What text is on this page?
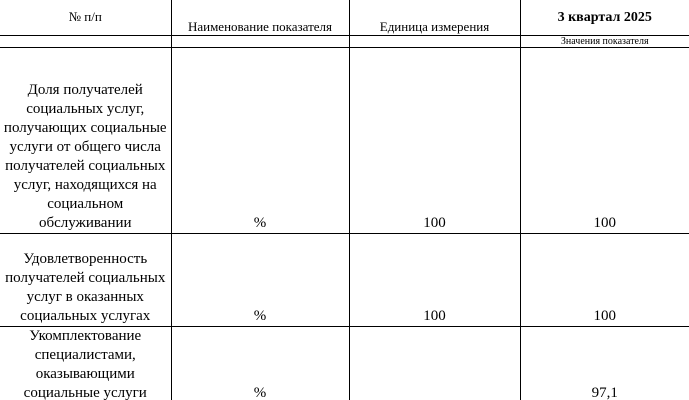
№ п/п	Наименование показателя	Единица измерения	3 квартал 2025

			Значения показателя

Доля получателей социальных услуг, получающих социальные услуги от общего числа получателей социальных услуг, находящихся на социальном обслуживании	%	100	100

Удовлетворенность получателей социальных услуг в оказанных социальных услугах	%	100	100

Укомплектование специалистами, оказывающими социальные услуги	%		97,1
